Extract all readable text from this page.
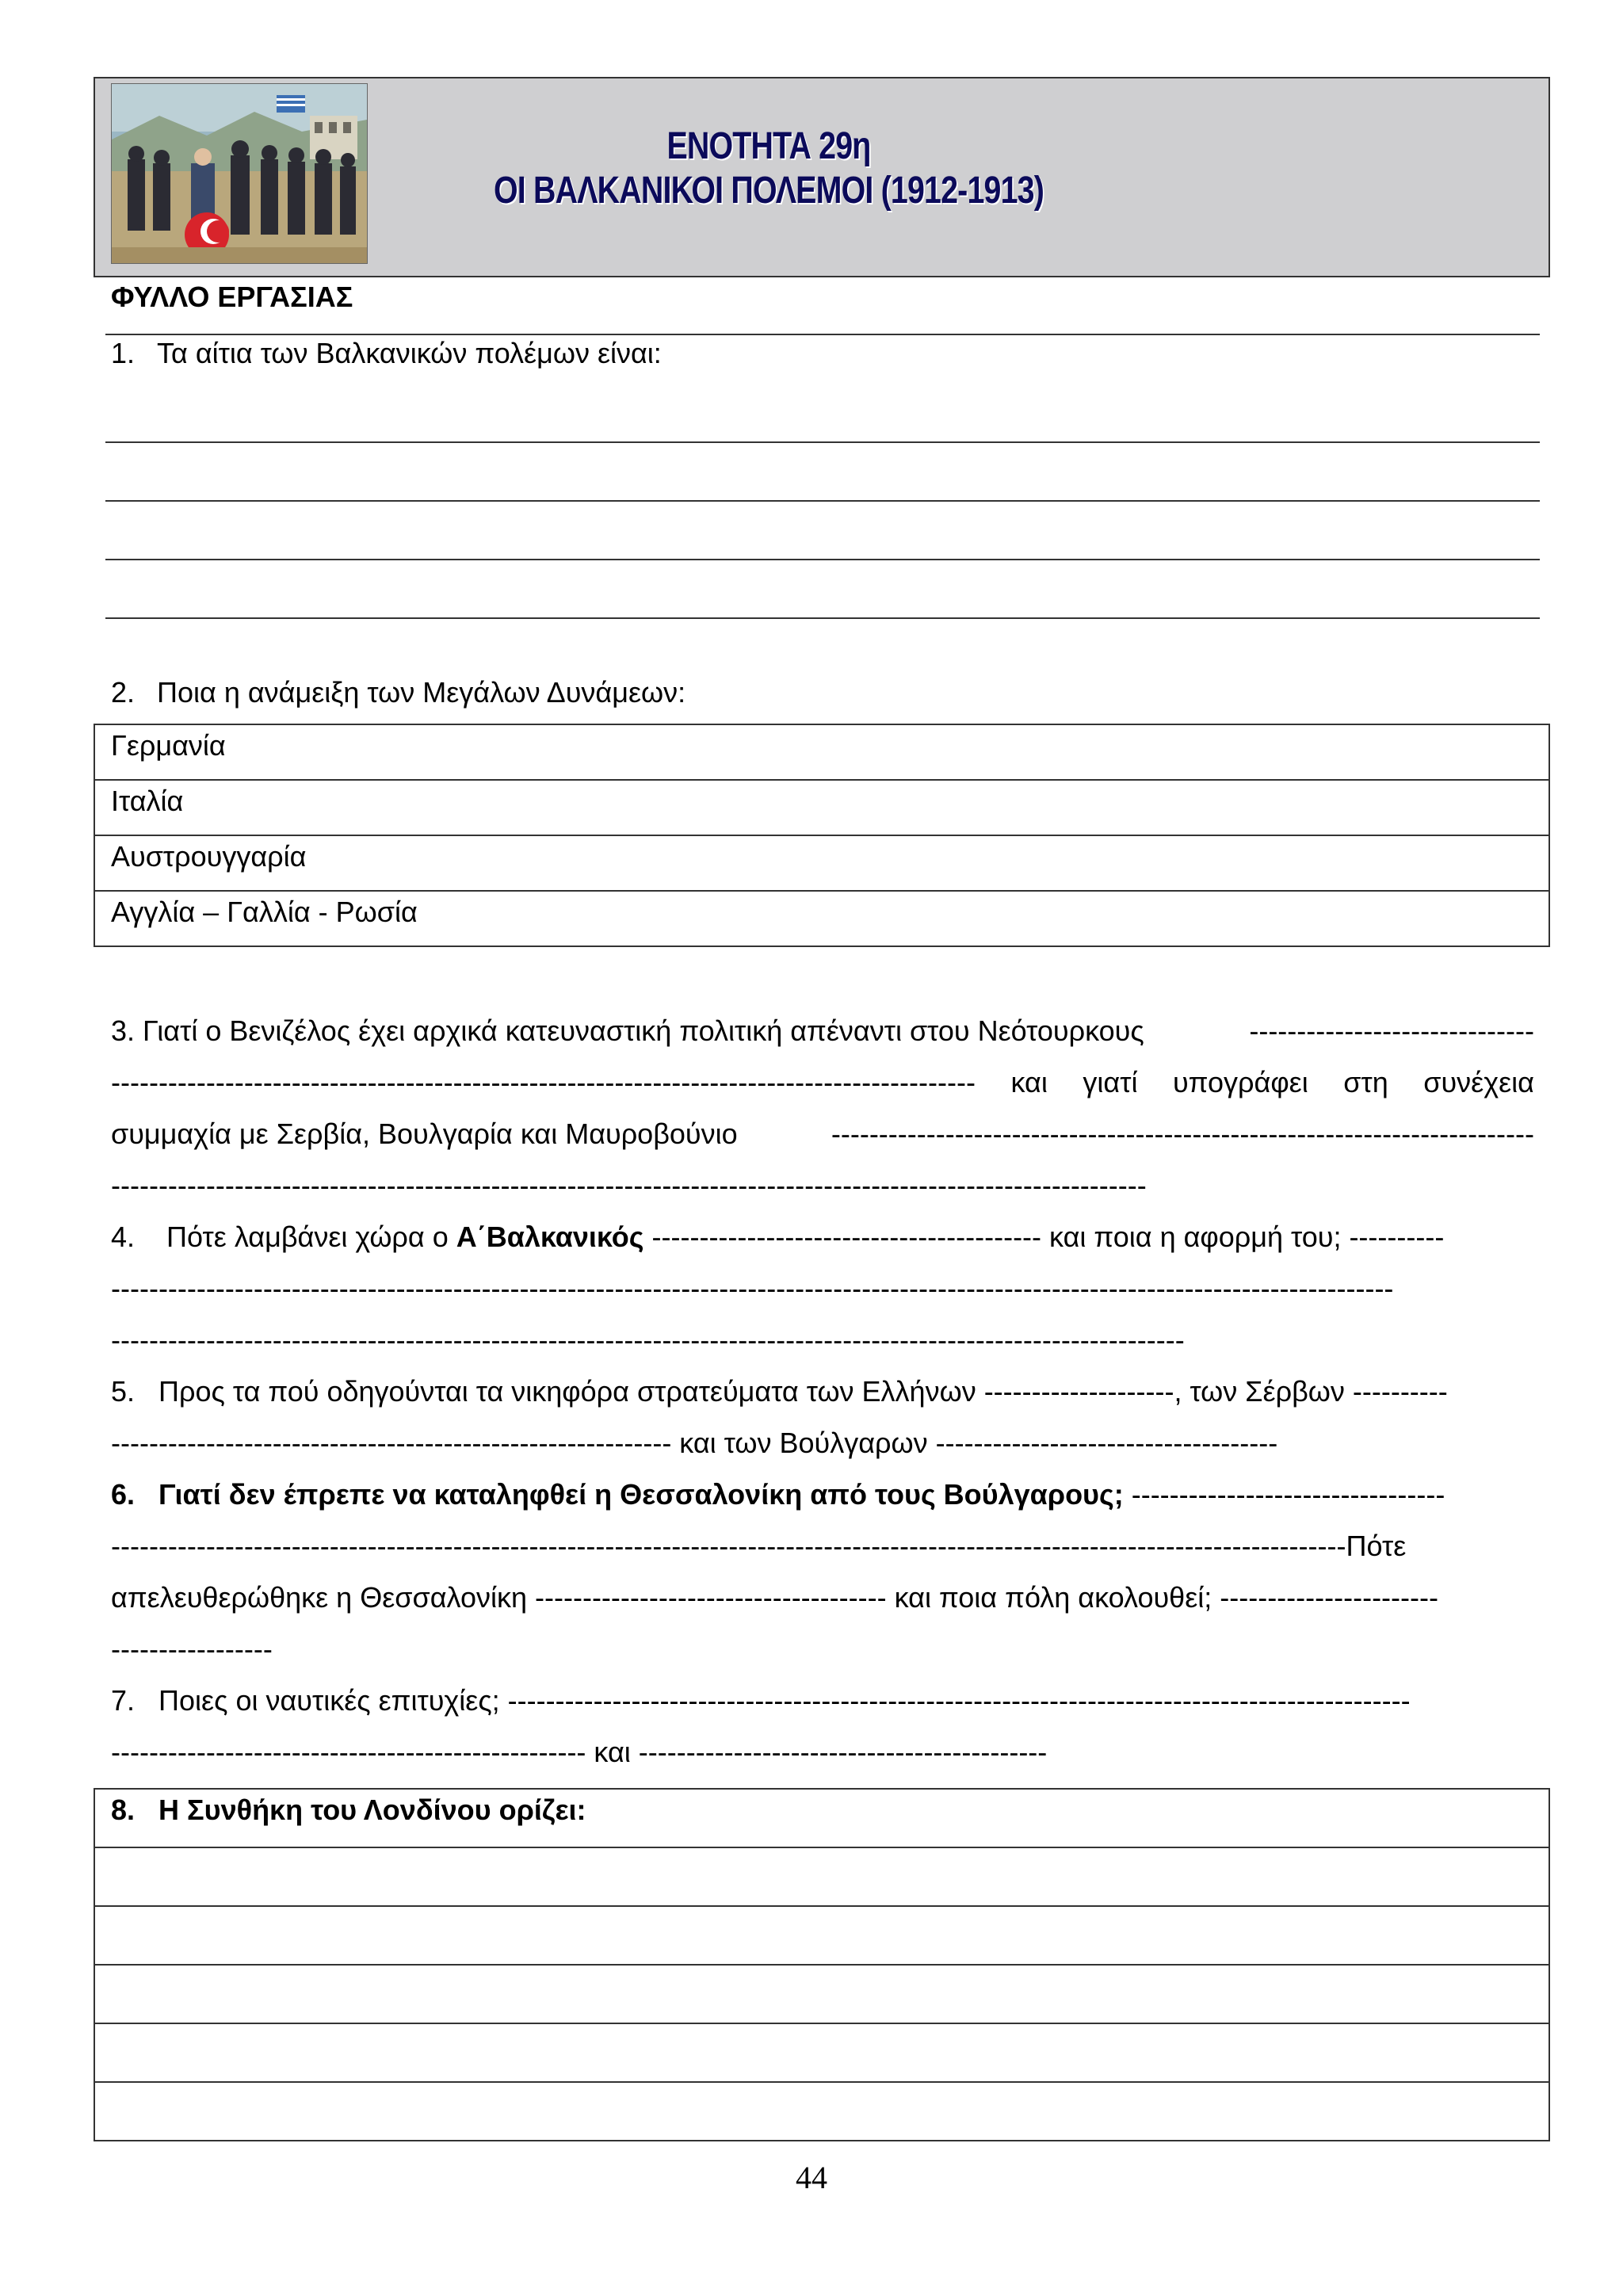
ΕΝΟΤΗΤΑ 29η
ΟΙ ΒΑΛΚΑΝΙΚΟΙ ΠΟΛΕΜΟΙ (1912-1913)
ΦΥΛΛΟ ΕΡΓΑΣΙΑΣ
1. Τα αίτια των Βαλκανικών πολέμων είναι:
2. Ποια η ανάμειξη των Μεγάλων Δυνάμεων:
Γερμανία
Ιταλία
Αυστρουγγαρία
Αγγλία – Γαλλία - Ρωσία
3. Γιατί ο Βενιζέλος έχει αρχικά κατευναστική πολιτική απέναντι στου Νεότουρκους	------------------------------
------------------------------------------------------------------------------------------- και γιατί υπογράφει στη συνέχεια
συμμαχία με Σερβία, Βουλγαρία και Μαυροβούνιο	--------------------------------------------------------------------------
-------------------------------------------------------------------------------------------------------------
4.    Πότε λαμβάνει χώρα ο Α΄Βαλκανικός ----------------------------------------- και ποια η αφορμή του; ----------
---------------------------------------------------------------------------------------------------------------------------------------
-----------------------------------------------------------------------------------------------------------------
5.   Προς τα πού οδηγούνται τα νικηφόρα στρατεύματα των Ελλήνων --------------------, των Σέρβων ----------
----------------------------------------------------------- και των Βούλγαρων ------------------------------------
6.   Γιατί δεν έπρεπε να καταληφθεί η Θεσσαλονίκη από τους Βούλγαρους; ---------------------------------
----------------------------------------------------------------------------------------------------------------------------------Πότε
απελευθερώθηκε η Θεσσαλονίκη ------------------------------------- και ποια πόλη ακολουθεί; -----------------------
-----------------
7.   Ποιες οι ναυτικές επιτυχίες; -----------------------------------------------------------------------------------------------
-------------------------------------------------- και -------------------------------------------
8.   Η Συνθήκη του Λονδίνου ορίζει:

44
